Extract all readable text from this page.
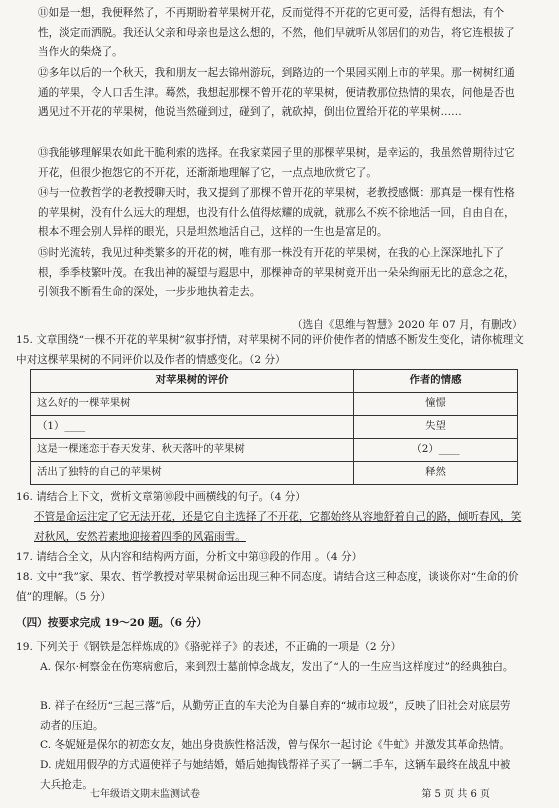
⑪如是一想，我便释然了，不再期盼着苹果树开花，反而觉得不开花的它更可爱，活得有想法，有个性，淡定而洒脱。我还认父亲和母亲也是这么想的，不然，他们早就听从邻居们的劝告，将它连根拔了当作火的柴烧了。

⑫多年以后的一个秋天，我和朋友一起去锦州游玩，到路边的一个果园买刚上市的苹果。那一树树红通通的苹果，令人口舌生津。蓦然，我想起那棵不曾开花的苹果树，便请教那位热情的果农，问他是否也遇见过不开花的苹果树，他说当然碰到过，碰到了，就砍掉，倒出位置给开花的苹果树……

⑬我能够理解果农如此干脆利索的选择。在我家菜园子里的那棵苹果树，是幸运的，我虽然曾期待过它开花，但很少抱怨它的不开花，还渐渐地理解了它，一点点地欣赏它了。

⑭与一位教哲学的老教授聊天时，我又提到了那棵不曾开花的苹果树，老教授感慨：那真是一棵有性格的苹果树，没有什么远大的理想，也没有什么值得炫耀的成就，就那么不疾不徐地活一回，自由自在，根本不理会别人异样的眼光，只是坦然地活自己，这样的一生也是富足的。

⑮时光流转，我见过种类繁多的开花的树，唯有那一株没有开花的苹果树，在我的心上深深地扎下了根，季季枝繁叶茂。在我出神的凝望与遐思中，那棵神奇的苹果树竟开出一朵朵绚丽无比的意念之花，引领我不断看生命的深处，一步步地执着走去。

（选自《思维与智慧》2020 年 07 月，有删改）

15. 文章围绕“一棵不开花的苹果树”叙事抒情，对苹果树不同的评价使作者的情感不断发生变化，请你梳理文中对这棵苹果树的不同评价以及作者的情感变化。（2 分）

对苹果树的评价	作者的情感
这么好的一棵苹果树	憧憬
（1）____	失望
这是一棵迷恋于春天发芽、秋天落叶的苹果树	（2）____
活出了独特的自己的苹果树	释然

16. 请结合上下文，赏析文章第⑩段中画横线的句子。（4 分）

不管是命运注定了它无法开花，还是它自主选择了不开花，它都始终从容地舒着自己的路，倾听春风，笑对秋风，安然若素地迎接着四季的风霜雨雪。

17. 请结合全文，从内容和结构两方面，分析文中第⑬段的作用 。（4 分）

18. 文中“我”家、果农、哲学教授对苹果树命运出现三种不同态度。请结合这三种态度，谈谈你对“生命的价值”的理解。（5 分）

（四）按要求完成 19～20 题。（6 分）

19. 下列关于《钢铁是怎样炼成的》《骆驼祥子》的表述，不正确的一项是（2 分）

A. 保尔·柯察金在伤寒病愈后，来到烈士墓前悼念战友，发出了“人的一生应当这样度过”的经典独白。

B. 祥子在经历“三起三落”后，从勤劳正直的车夫沦为自暴自弃的“城市垃圾”，反映了旧社会对底层劳动者的压迫。

C. 冬妮娅是保尔的初恋女友，她出身贵族性格活泼，曾与保尔一起讨论《牛虻》并激发其革命热情。

D. 虎妞用假孕的方式逼使祥子与她结婚，婚后她掏钱帮祥子买了一辆二手车，这辆车最终在战乱中被大兵抢走。

七年级语文期末监测试卷	第 5 页 共 6 页
